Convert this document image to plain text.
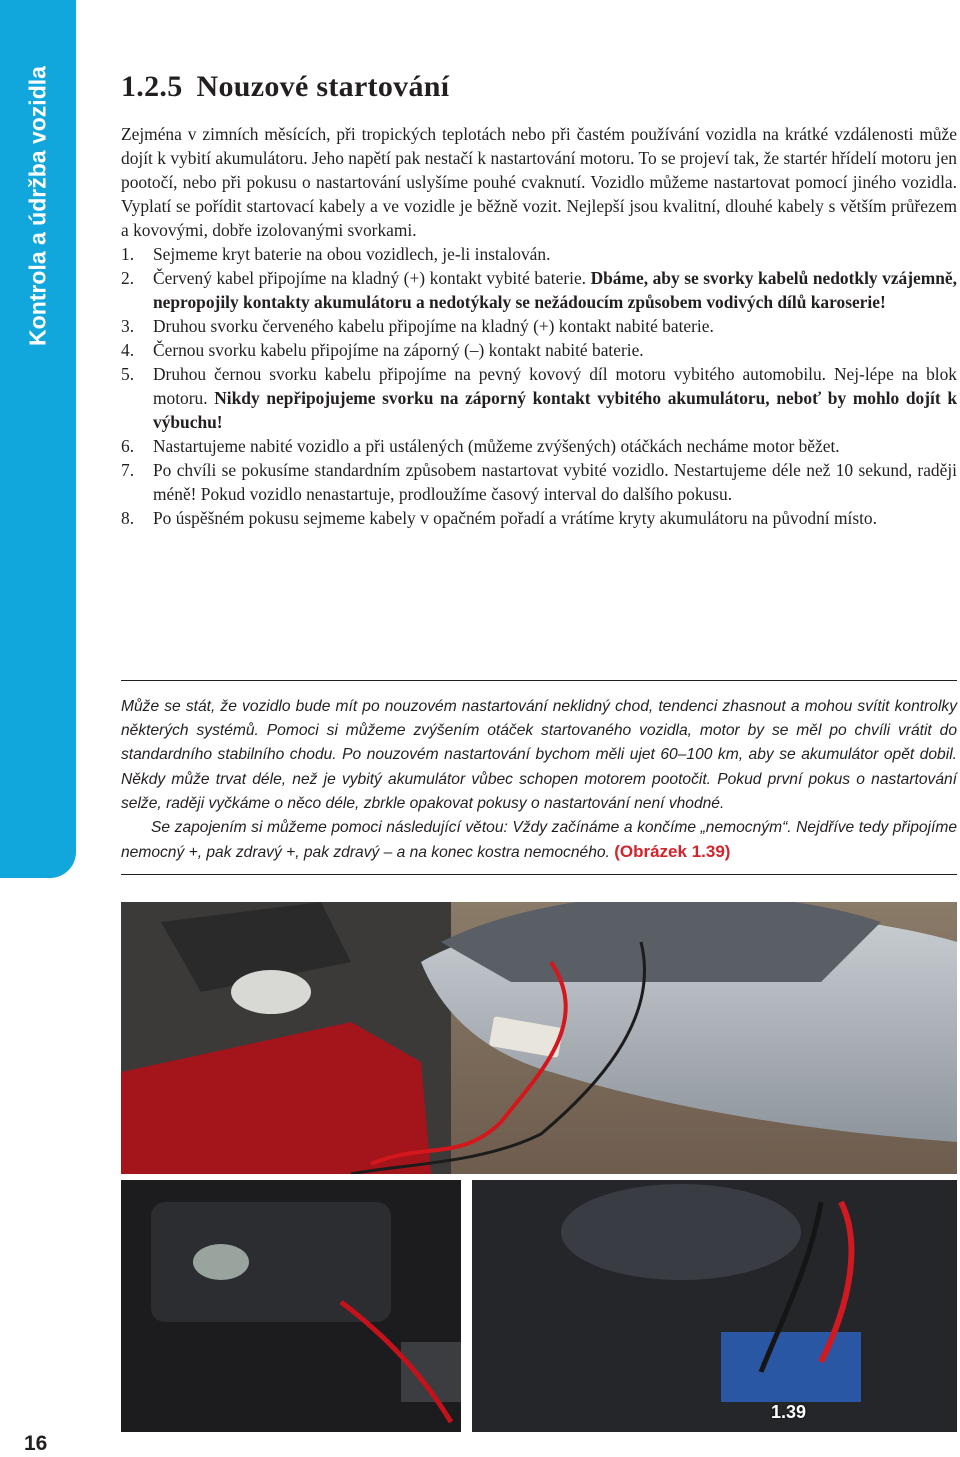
Kontrola a údržba vozidla 1.2.5 Nouzové startování

Zejména v zimních měsících, při tropických teplotách nebo při častém používání vozidla na krátké vzdálenosti může dojít k vybití akumulátoru. Jeho napětí pak nestačí k nastartování motoru. To se projeví tak, že startér hřídelí motoru jen pootočí, nebo při pokusu o nastartování uslyšíme pouhé cvaknutí. Vozidlo můžeme nastartovat pomocí jiného vozidla. Vyplatí se pořídit startovací kabely a ve vozidle je běžně vozit. Nejlepší jsou kvalitní, dlouhé kabely s větším průřezem a kovovými, dobře izolovanými svorkami.

1.	Sejmeme kryt baterie na obou vozidlech, je-li instalován.
2.	Červený kabel připojíme na kladný (+) kontakt vybité baterie. Dbáme, aby se svorky kabelů nedotkly vzájemně, nepropojily kontakty akumulátoru a nedotýkaly se nežádoucím způsobem vodivých dílů karoserie!
3.	Druhou svorku červeného kabelu připojíme na kladný (+) kontakt nabité baterie.
4.	Černou svorku kabelu připojíme na záporný (–) kontakt nabité baterie.
5.	Druhou černou svorku kabelu připojíme na pevný kovový díl motoru vybitého automobilu. Nej-lépe na blok motoru. Nikdy nepřipojujeme svorku na záporný kontakt vybitého akumulátoru, neboť by mohlo dojít k výbuchu!
6.	Nastartujeme nabité vozidlo a při ustálených (můžeme zvýšených) otáčkách necháme motor běžet.
7.	Po chvíli se pokusíme standardním způsobem nastartovat vybité vozidlo. Nestartujeme déle než 10 sekund, raději méně! Pokud vozidlo nenastartuje, prodloužíme časový interval do dalšího pokusu.
8.	Po úspěšném pokusu sejmeme kabely v opačném pořadí a vrátíme kryty akumulátoru na původní místo.

Může se stát, že vozidlo bude mít po nouzovém nastartování neklidný chod, tendenci zhasnout a mohou svítit kontrolky některých systémů. Pomoci si můžeme zvýšením otáček startovaného vozidla, motor by se měl po chvíli vrátit do standardního stabilního chodu. Po nouzovém nastartování bychom měli ujet 60–100 km, aby se akumulátor opět dobil. Někdy může trvat déle, než je vybitý akumulátor vůbec schopen motorem pootočit. Pokud první pokus o nastartování selže, raději vyčkáme o něco déle, zbrkle opakovat pokusy o nastartování není vhodné.

Se zapojením si můžeme pomoci následující větou: Vždy začínáme a končíme „nemocným“. Nejdříve tedy připojíme nemocný +, pak zdravý +, pak zdravý – a na konec kostra nemocného. (Obrázek 1.39)

1.39
16
